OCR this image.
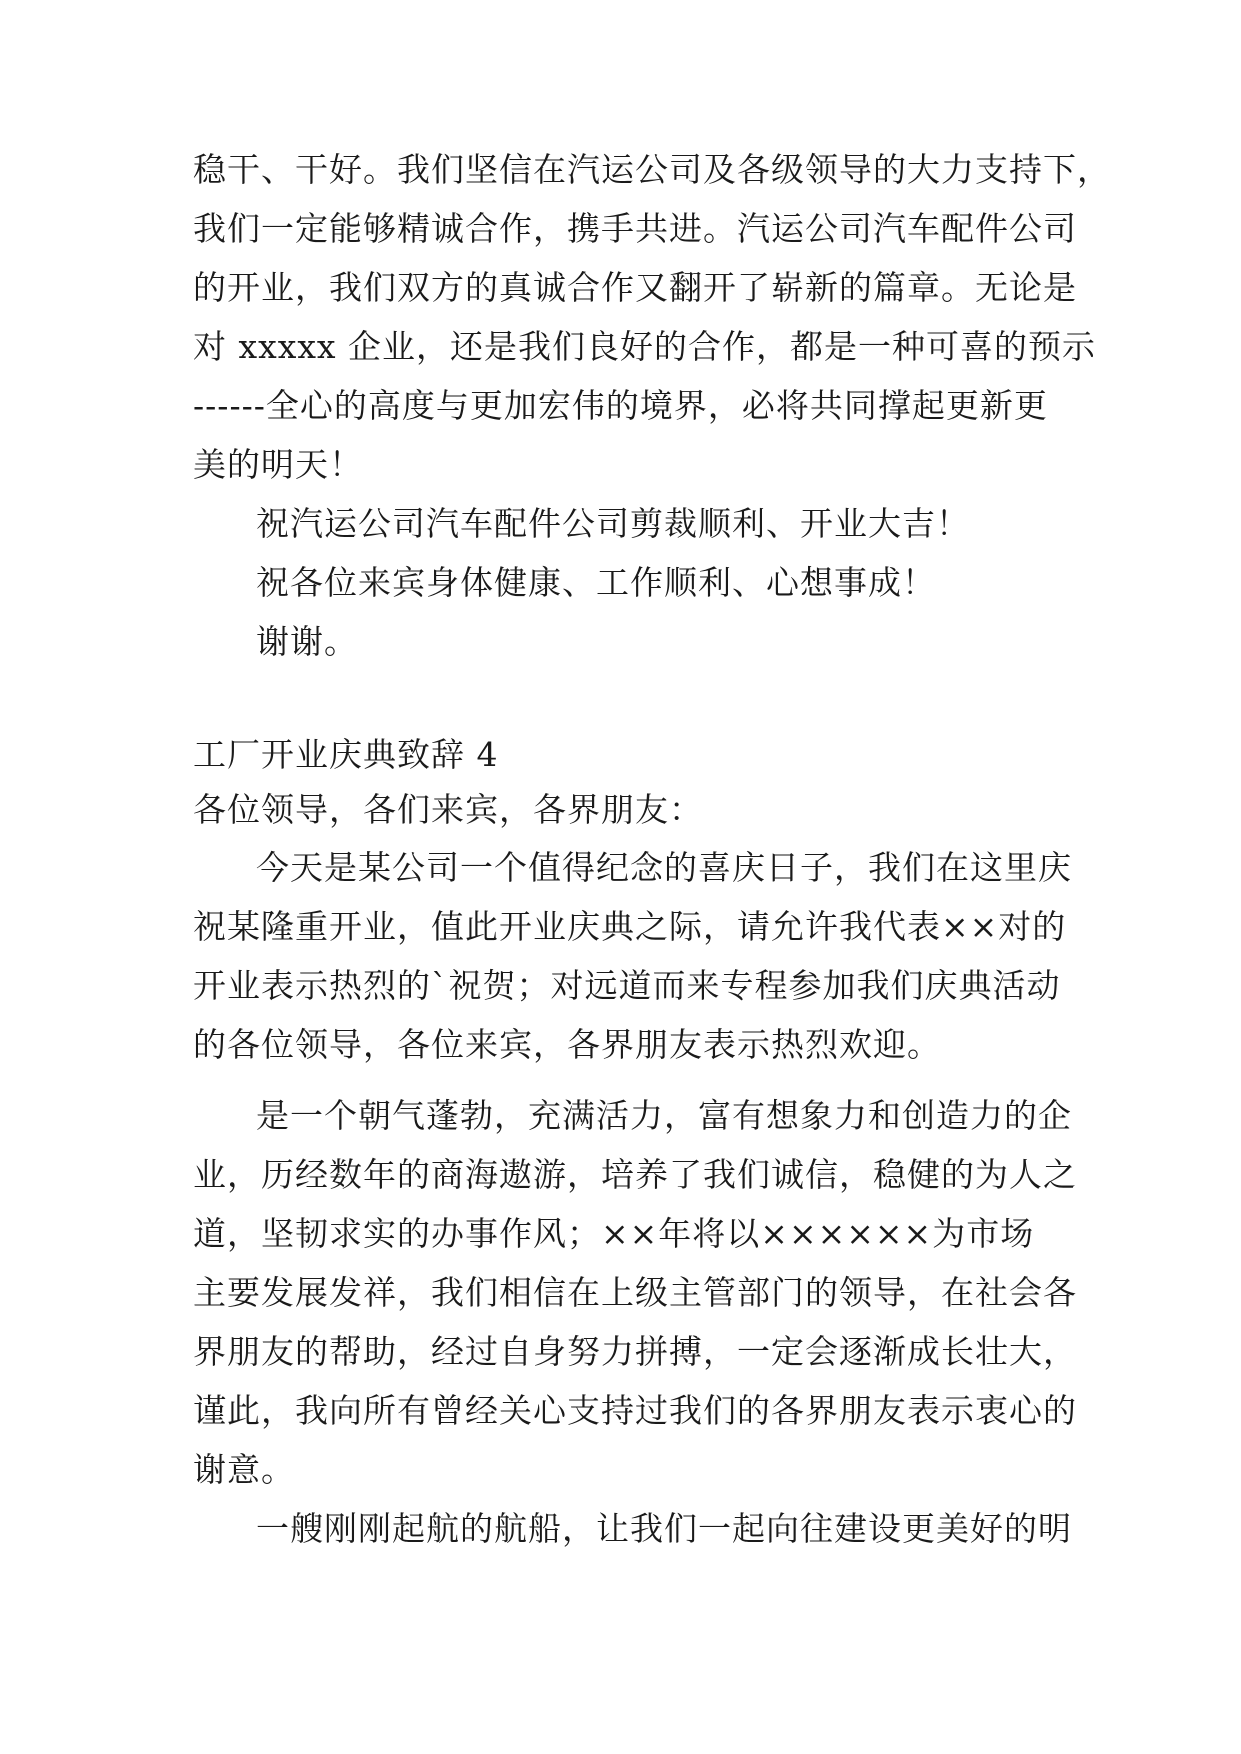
稳干、干好。我们坚信在汽运公司及各级领导的大力支持下，
我们一定能够精诚合作，携手共进。汽运公司汽车配件公司
的开业，我们双方的真诚合作又翻开了崭新的篇章。无论是
对 xxxxx 企业，还是我们良好的合作，都是一种可喜的预示
------全心的高度与更加宏伟的境界，必将共同撑起更新更
美的明天！
祝汽运公司汽车配件公司剪裁顺利、开业大吉！
祝各位来宾身体健康、工作顺利、心想事成！
谢谢。
工厂开业庆典致辞 4
各位领导，各们来宾，各界朋友：
今天是某公司一个值得纪念的喜庆日子，我们在这里庆
祝某隆重开业，值此开业庆典之际，请允许我代表××对的
开业表示热烈的`祝贺；对远道而来专程参加我们庆典活动
的各位领导，各位来宾，各界朋友表示热烈欢迎。
是一个朝气蓬勃，充满活力，富有想象力和创造力的企
业，历经数年的商海遨游，培养了我们诚信，稳健的为人之
道，坚韧求实的办事作风；××年将以××××××为市场
主要发展发祥，我们相信在上级主管部门的领导，在社会各
界朋友的帮助，经过自身努力拼搏，一定会逐渐成长壮大，
谨此，我向所有曾经关心支持过我们的各界朋友表示衷心的
谢意。
一艘刚刚起航的航船，让我们一起向往建设更美好的明
